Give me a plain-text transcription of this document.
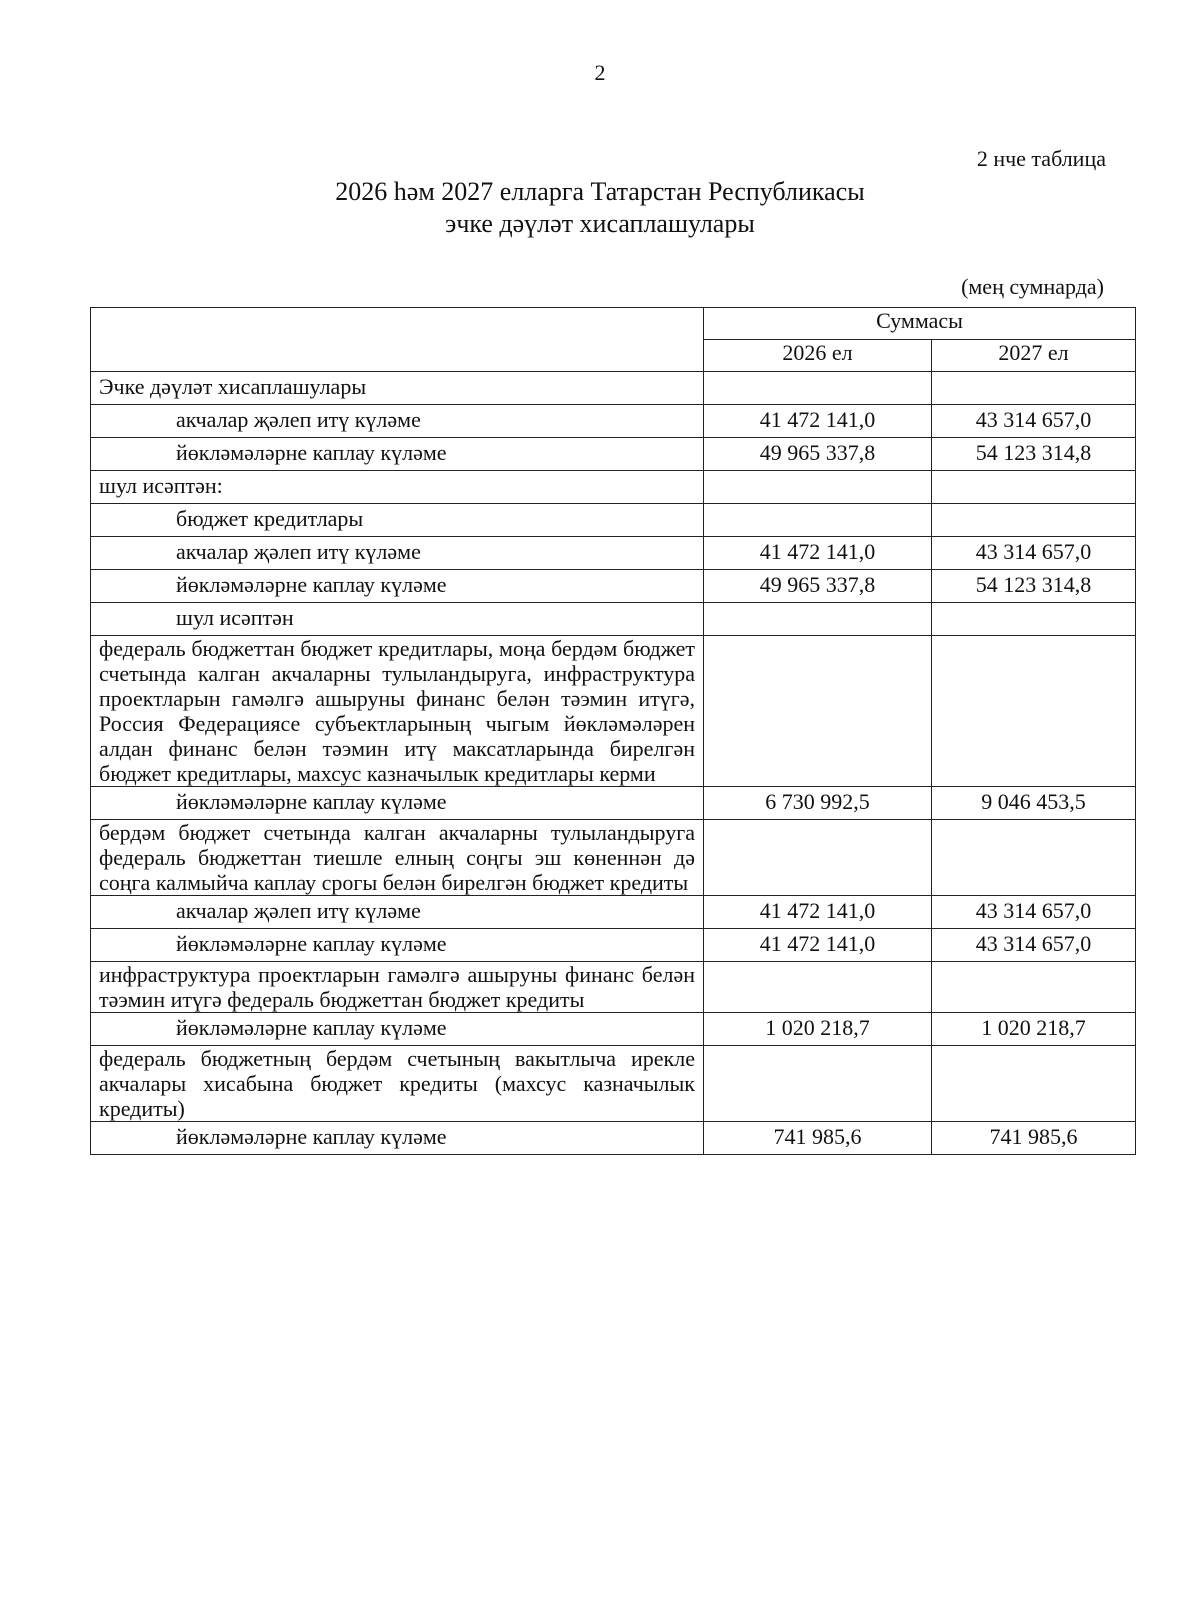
2
2 нче таблица
2026 һәм 2027 елларга Татарстан Республикасы
эчке дәүләт хисаплашулары
(мең сумнарда)
	Суммасы	
	2026 ел	2027 ел
Эчке дәүләт хисаплашулары		
акчалар җәлеп итү күләме	41 472 141,0	43 314 657,0
йөкләмәләрне каплау күләме	49 965 337,8	54 123 314,8
шул исәптән:		
бюджет кредитлары		
акчалар җәлеп итү күләме	41 472 141,0	43 314 657,0
йөкләмәләрне каплау күләме	49 965 337,8	54 123 314,8
шул исәптән		
федераль бюджеттан бюджет кредитлары, моңа бердәм бюджет счетында калган акчаларны тулыландыруга, инфраструктура проектларын гамәлгә ашыруны финанс белән тәэмин итүгә, Россия Федерациясе субъектларының чыгым йөкләмәләрен алдан финанс белән тәэмин итү максатларында бирелгән бюджет кредитлары, махсус казначылык кредитлары керми		
йөкләмәләрне каплау күләме	6 730 992,5	9 046 453,5
бердәм бюджет счетында калган акчаларны тулыландыруга федераль бюджеттан тиешле елның соңгы эш көненнән дә соңга калмыйча каплау срогы белән бирелгән бюджет кредиты		
акчалар җәлеп итү күләме	41 472 141,0	43 314 657,0
йөкләмәләрне каплау күләме	41 472 141,0	43 314 657,0
инфраструктура проектларын гамәлгә ашыруны финанс белән тәэмин итүгә федераль бюджеттан бюджет кредиты		
йөкләмәләрне каплау күләме	1 020 218,7	1 020 218,7
федераль бюджетның бердәм счетының вакытлыча ирекле акчалары хисабына бюджет кредиты (махсус казначылык кредиты)		
йөкләмәләрне каплау күләме	741 985,6	741 985,6
